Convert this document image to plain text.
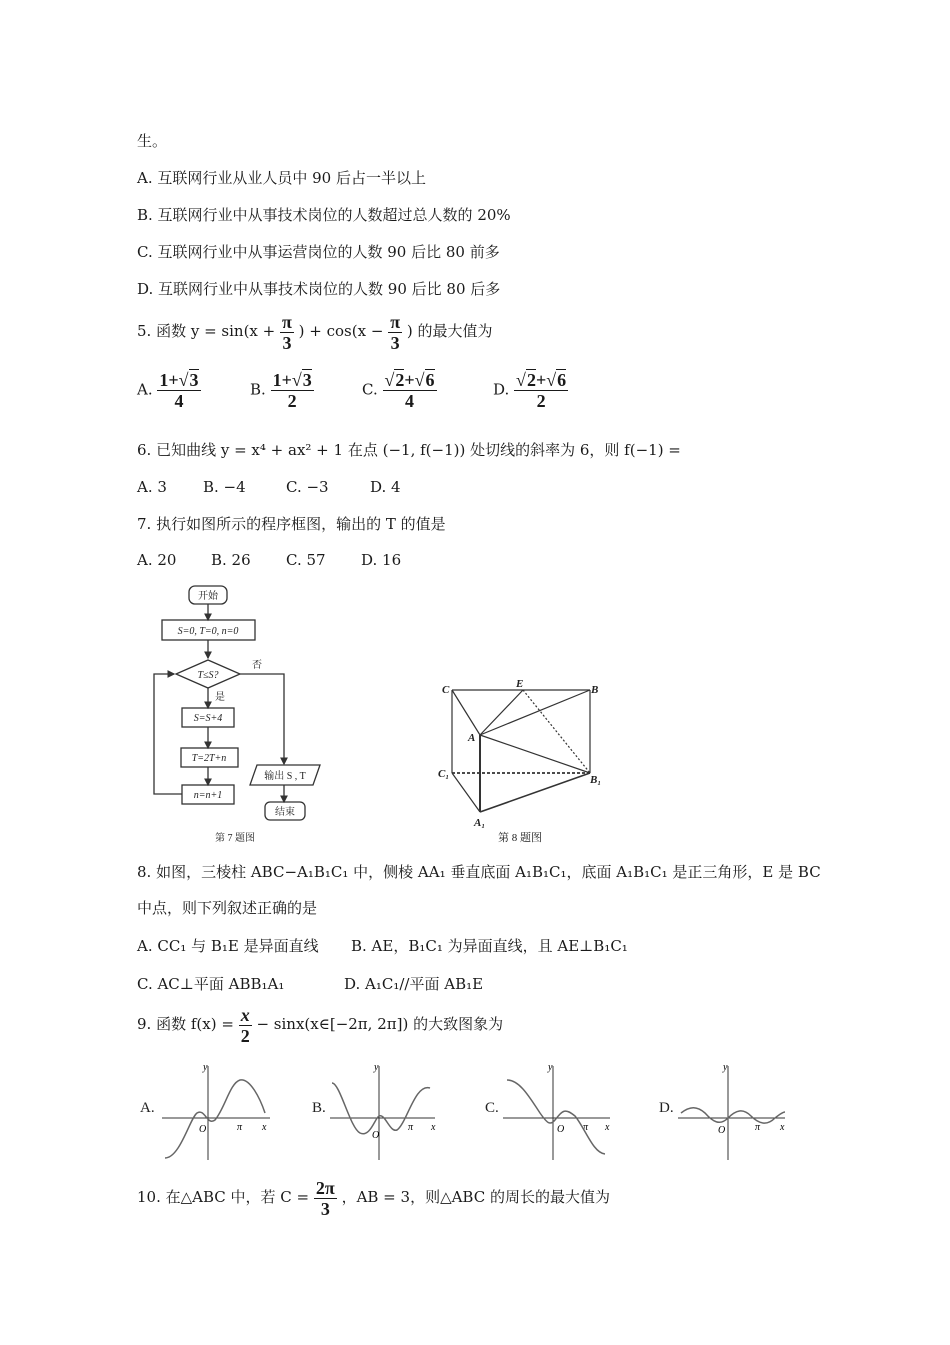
生。
A. 互联网行业从业人员中 90 后占一半以上
B. 互联网行业中从事技术岗位的人数超过总人数的 20%
C. 互联网行业中从事运营岗位的人数 90 后比 80 前多
D. 互联网行业中从事技术岗位的人数 90 后比 80 后多
5. 函数 $y = \sin(x + \frac{\pi}{3}$ ) + $\cos(x - \frac{\pi}{3}$ ) 的最大值为
A. $\frac{1+√3}{4}$	B. $\frac{1+√3}{2}$	C. $\frac{√2+√6}{4}$	D. $\frac{√2+√6}{2}$
6. 已知曲线 y = x⁴ + ax² + 1 在点 (−1, f(−1)) 处切线的斜率为 6，则 f(−1) =
A. 3 B. −4	C. −3	D. 4
7. 执行如图所示的程序框图，输出的 T 的值是
A. 20 B. 26 C. 57 D. 16
开始
S=0, T=0, n=0
T≤S?
否
是
S=S+4
T=2T+n
n=n+1
输出 S , T
结束
第 7 题图
C	E	B
A
C₁	B₁
A₁
第 8 题图
8. 如图，三棱柱 ABC−A₁B₁C₁ 中，侧棱 AA₁ 垂直底面 A₁B₁C₁，底面 A₁B₁C₁ 是正三角形，E 是 BC
中点，则下列叙述正确的是
A. CC₁ 与 B₁E 是异面直线 B. AE，B₁C₁ 为异面直线，且 AE⊥B₁C₁
C. AC⊥平面 ABB₁A₁	D. A₁C₁//平面 AB₁E
9. 函数 $f(x) = \frac{x}{2}$ − sinx(x∈[−2π, 2π]) 的大致图象为
A.
y
x
O	π
B.
y
x
O
π
C.
y
x
O π
D.
y
x
O	π
10. 在△ABC 中，若 $C = \frac{2\pi}{3}$ ，AB = 3，则△ABC 的周长的最大值为
